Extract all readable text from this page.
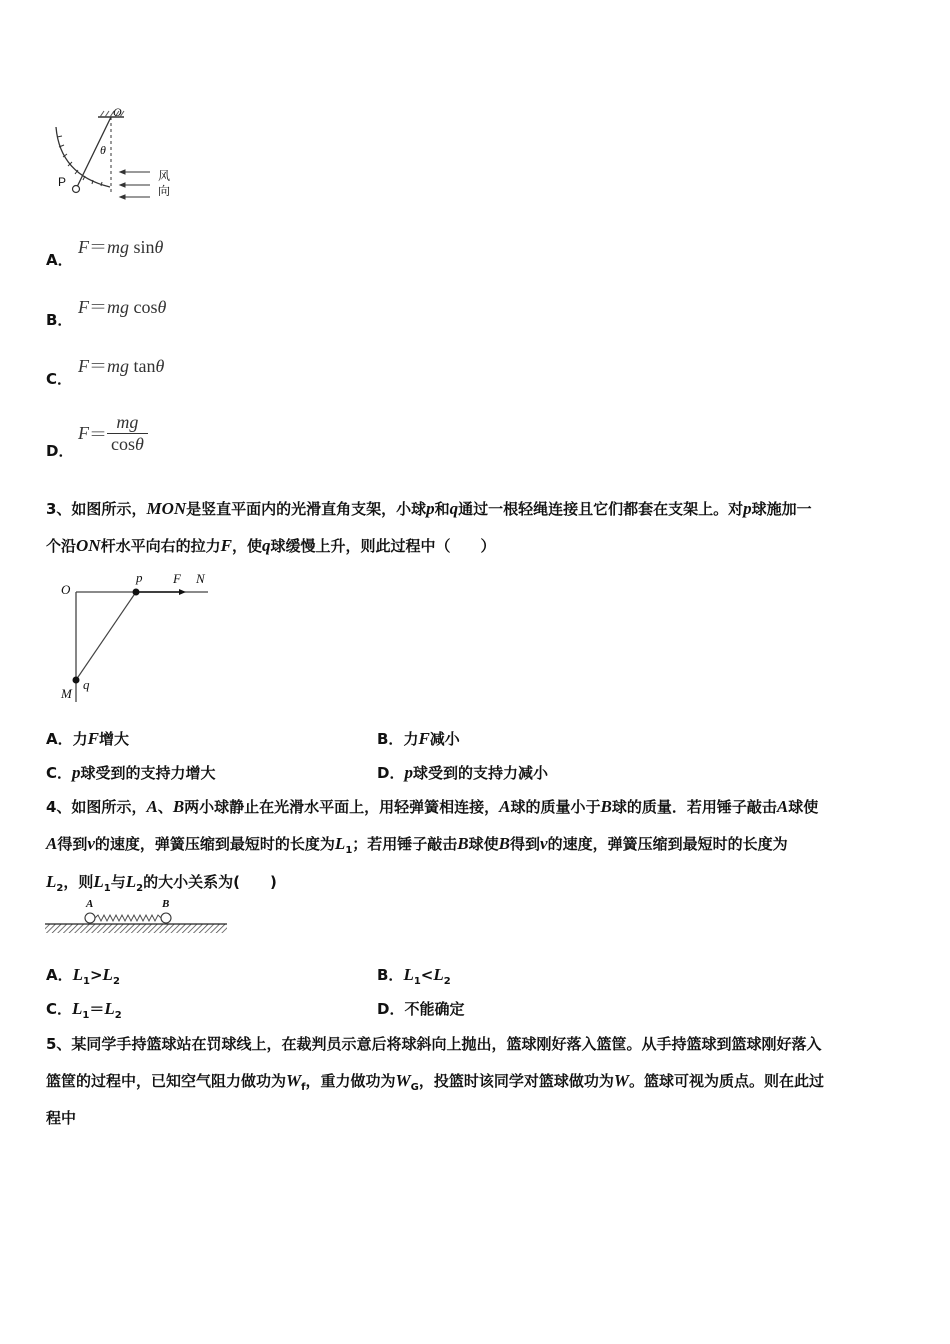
O
θ
P	风
向
A．
F＝mg sinθ
B．
F＝mg cosθ
C．
F＝mg tanθ
D．
$F= \frac{mg}{\cos\theta}$
3、如图所示，MON是竖直平面内的光滑直角支架，小球p和q通过一根轻绳连接且它们都套在支架上。对p球施加一
个沿ON杆水平向右的拉力F，使q球缓慢上升，则此过程中（　　）
O
p F N
M
q
A．力F增大	B．力F减小
C．p球受到的支持力增大	D．p球受到的支持力减小
4、如图所示，A、B两小球静止在光滑水平面上，用轻弹簧相连接，A球的质量小于B球的质量．若用锤子敲击A球使
A得到v的速度，弹簧压缩到最短时的长度为$L_1$；若用锤子敲击B球使B得到v的速度，弹簧压缩到最短时的长度为
$L_2$，则$L_1$与$L_2$的大小关系为(　　)
A	B
A．$L_1>L_2$	B．$L_1<L_2$
C．$L_1=L_2$	D．不能确定
5、某同学手持篮球站在罚球线上，在裁判员示意后将球斜向上抛出，篮球刚好落入篮筐。从手持篮球到篮球刚好落入
篮筐的过程中，已知空气阻力做功为$W_f$，重力做功为$W_G$，投篮时该同学对篮球做功为W。篮球可视为质点。则在此过
程中
